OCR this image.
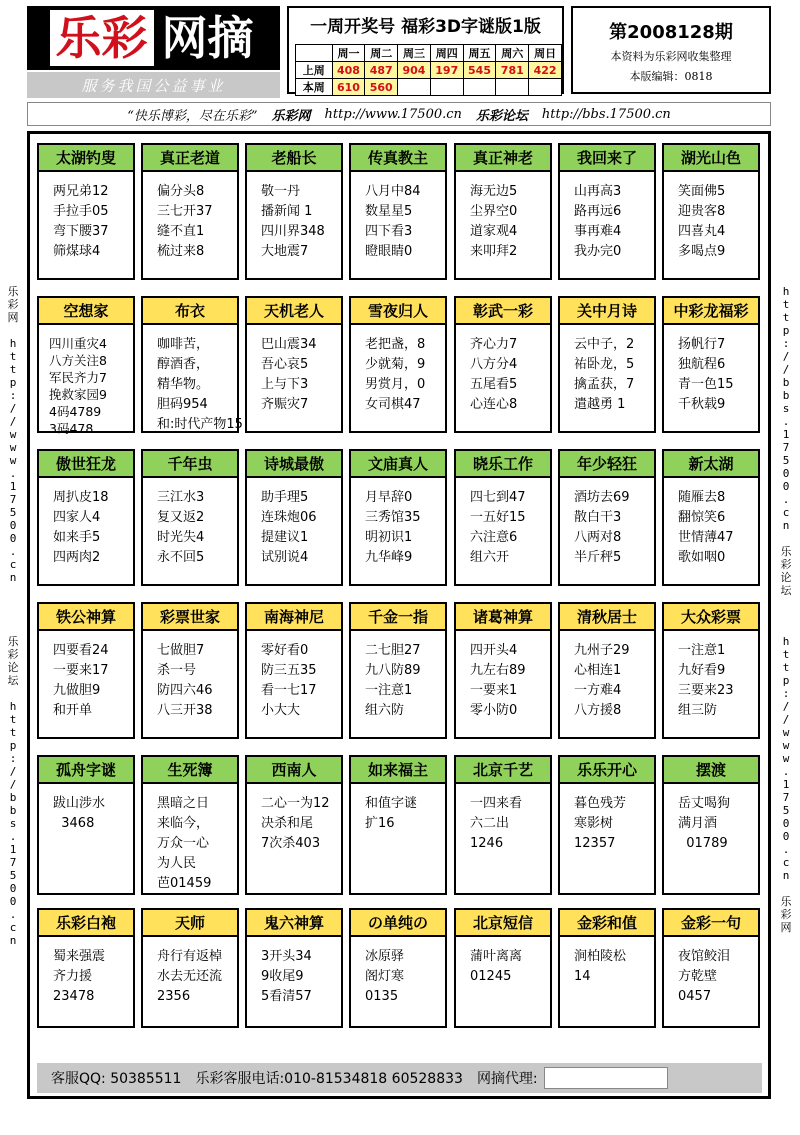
乐彩 网摘
服务我国公益事业
一周开奖号 福彩3D字谜版1版
	周一	周二	周三	周四	周五	周六	周日
上周	408	487	904	197	545	781	422
本周	610	560					
第2008128期
本资料为乐彩网收集整理
本版编辑：0818
“快乐博彩，尽在乐彩” 乐彩网 http://www.17500.cn 乐彩论坛 http://bbs.17500.cn
乐
彩
网

h
t
t
p
:
/
/
w
w
w
.
1
7
5
0
0
.
c
n
乐
彩
论
坛

h
t
t
p
:
/
/
b
b
s
.
1
7
5
0
0
.
c
n
h
t
t
p
:
/
/
b
b
s
.
1
7
5
0
0
.
c
n

乐
彩
论
坛
h
t
t
p
:
/
/
w
w
w
.
1
7
5
0
0
.
c
n

乐
彩
网
太湖钓叟
两兄弟12
手拉手05
弯下腰37
筛煤球4
真正老道
偏分头8
三七开37
缝不直1
梳过来8
老船长
敬一丹
播新闻 1
四川界348
大地震7
传真教主
八月中84
数星星5
四下看3
瞪眼睛0
真正神老
海无边5
尘界空0
道家观4
来叩拜2
我回来了
山再高3
路再远6
事再难4
我办完0
湖光山色
笑面佛5
迎贵客8
四喜丸4
多喝点9
空想家
四川重灾4
八方关注8
军民齐力7
挽救家园9
4码4789
3码478
布衣
咖啡苦，
醇酒香，
精华物。
胆码954
和:时代产物15
天机老人
巴山震34
吾心哀5
上与下3
齐赈灾7
雪夜归人
老把盏，8
少就菊，9
男赏月，0
女司棋47
彰武一彩
齐心力7
八方分4
五尾看5
心连心8
关中月诗
云中子，2
祐卧龙，5
擒孟获，7
遣越勇 1
中彩龙福彩
扬帆行7
独航程6
青一色15
千秋载9
傲世狂龙
周扒皮18
四家人4
如来手5
四两肉2
千年虫
三江水3
复又返2
时光失4
永不回5
诗城最傲
助手理5
连珠炮06
提建议1
试别说4
文庙真人
月早辞0
三秀馆35
明初识1
九华峰9
晓乐工作
四七到47
一五好15
六注意6
组六开
年少轻狂
酒坊去69
散白干3
八两对8
半斤秤5
新太湖
随雁去8
翻惊笑6
世情薄47
歌如咽0
铁公神算
四要看24
一要来17
九做胆9
和开单
彩票世家
七做胆7
杀一号
防四六46
八三开38
南海神尼
零好看0
防三五35
看一七17
小大大
千金一指
二七胆27
九八防89
一注意1
组六防
诸葛神算
四开头4
九左右89
一要来1
零小防0
清秋居士
九州子29
心相连1
一方难4
八方援8
大众彩票
一注意1
九好看9
三要来23
组三防
孤舟字谜
跋山涉水
3468
生死簿
黑暗之日
来临今，
万众一心
为人民
芭01459
西南人
二心一为12
决杀和尾
7次杀403
如来福主
和值字谜
扩16
北京千艺
一四来看
六二出
1246
乐乐开心
暮色残芳
寒影树
12357
摆渡
岳丈喝狗
满月酒
01789
乐彩白袍
蜀来强震
齐力援
23478
天师
舟行有返棹
水去无还流
2356
鬼六神算
3开头34
9收尾9
5看清57
の单纯の
冰原驿
阁灯寒
0135
北京短信
蒲叶离离
01245
金彩和值
涧柏陵松
14
金彩一句
夜馆鲛泪
方乾壁
0457
客服QQ: 50385511 乐彩客服电话:010-81534818 60528833 网摘代理:
